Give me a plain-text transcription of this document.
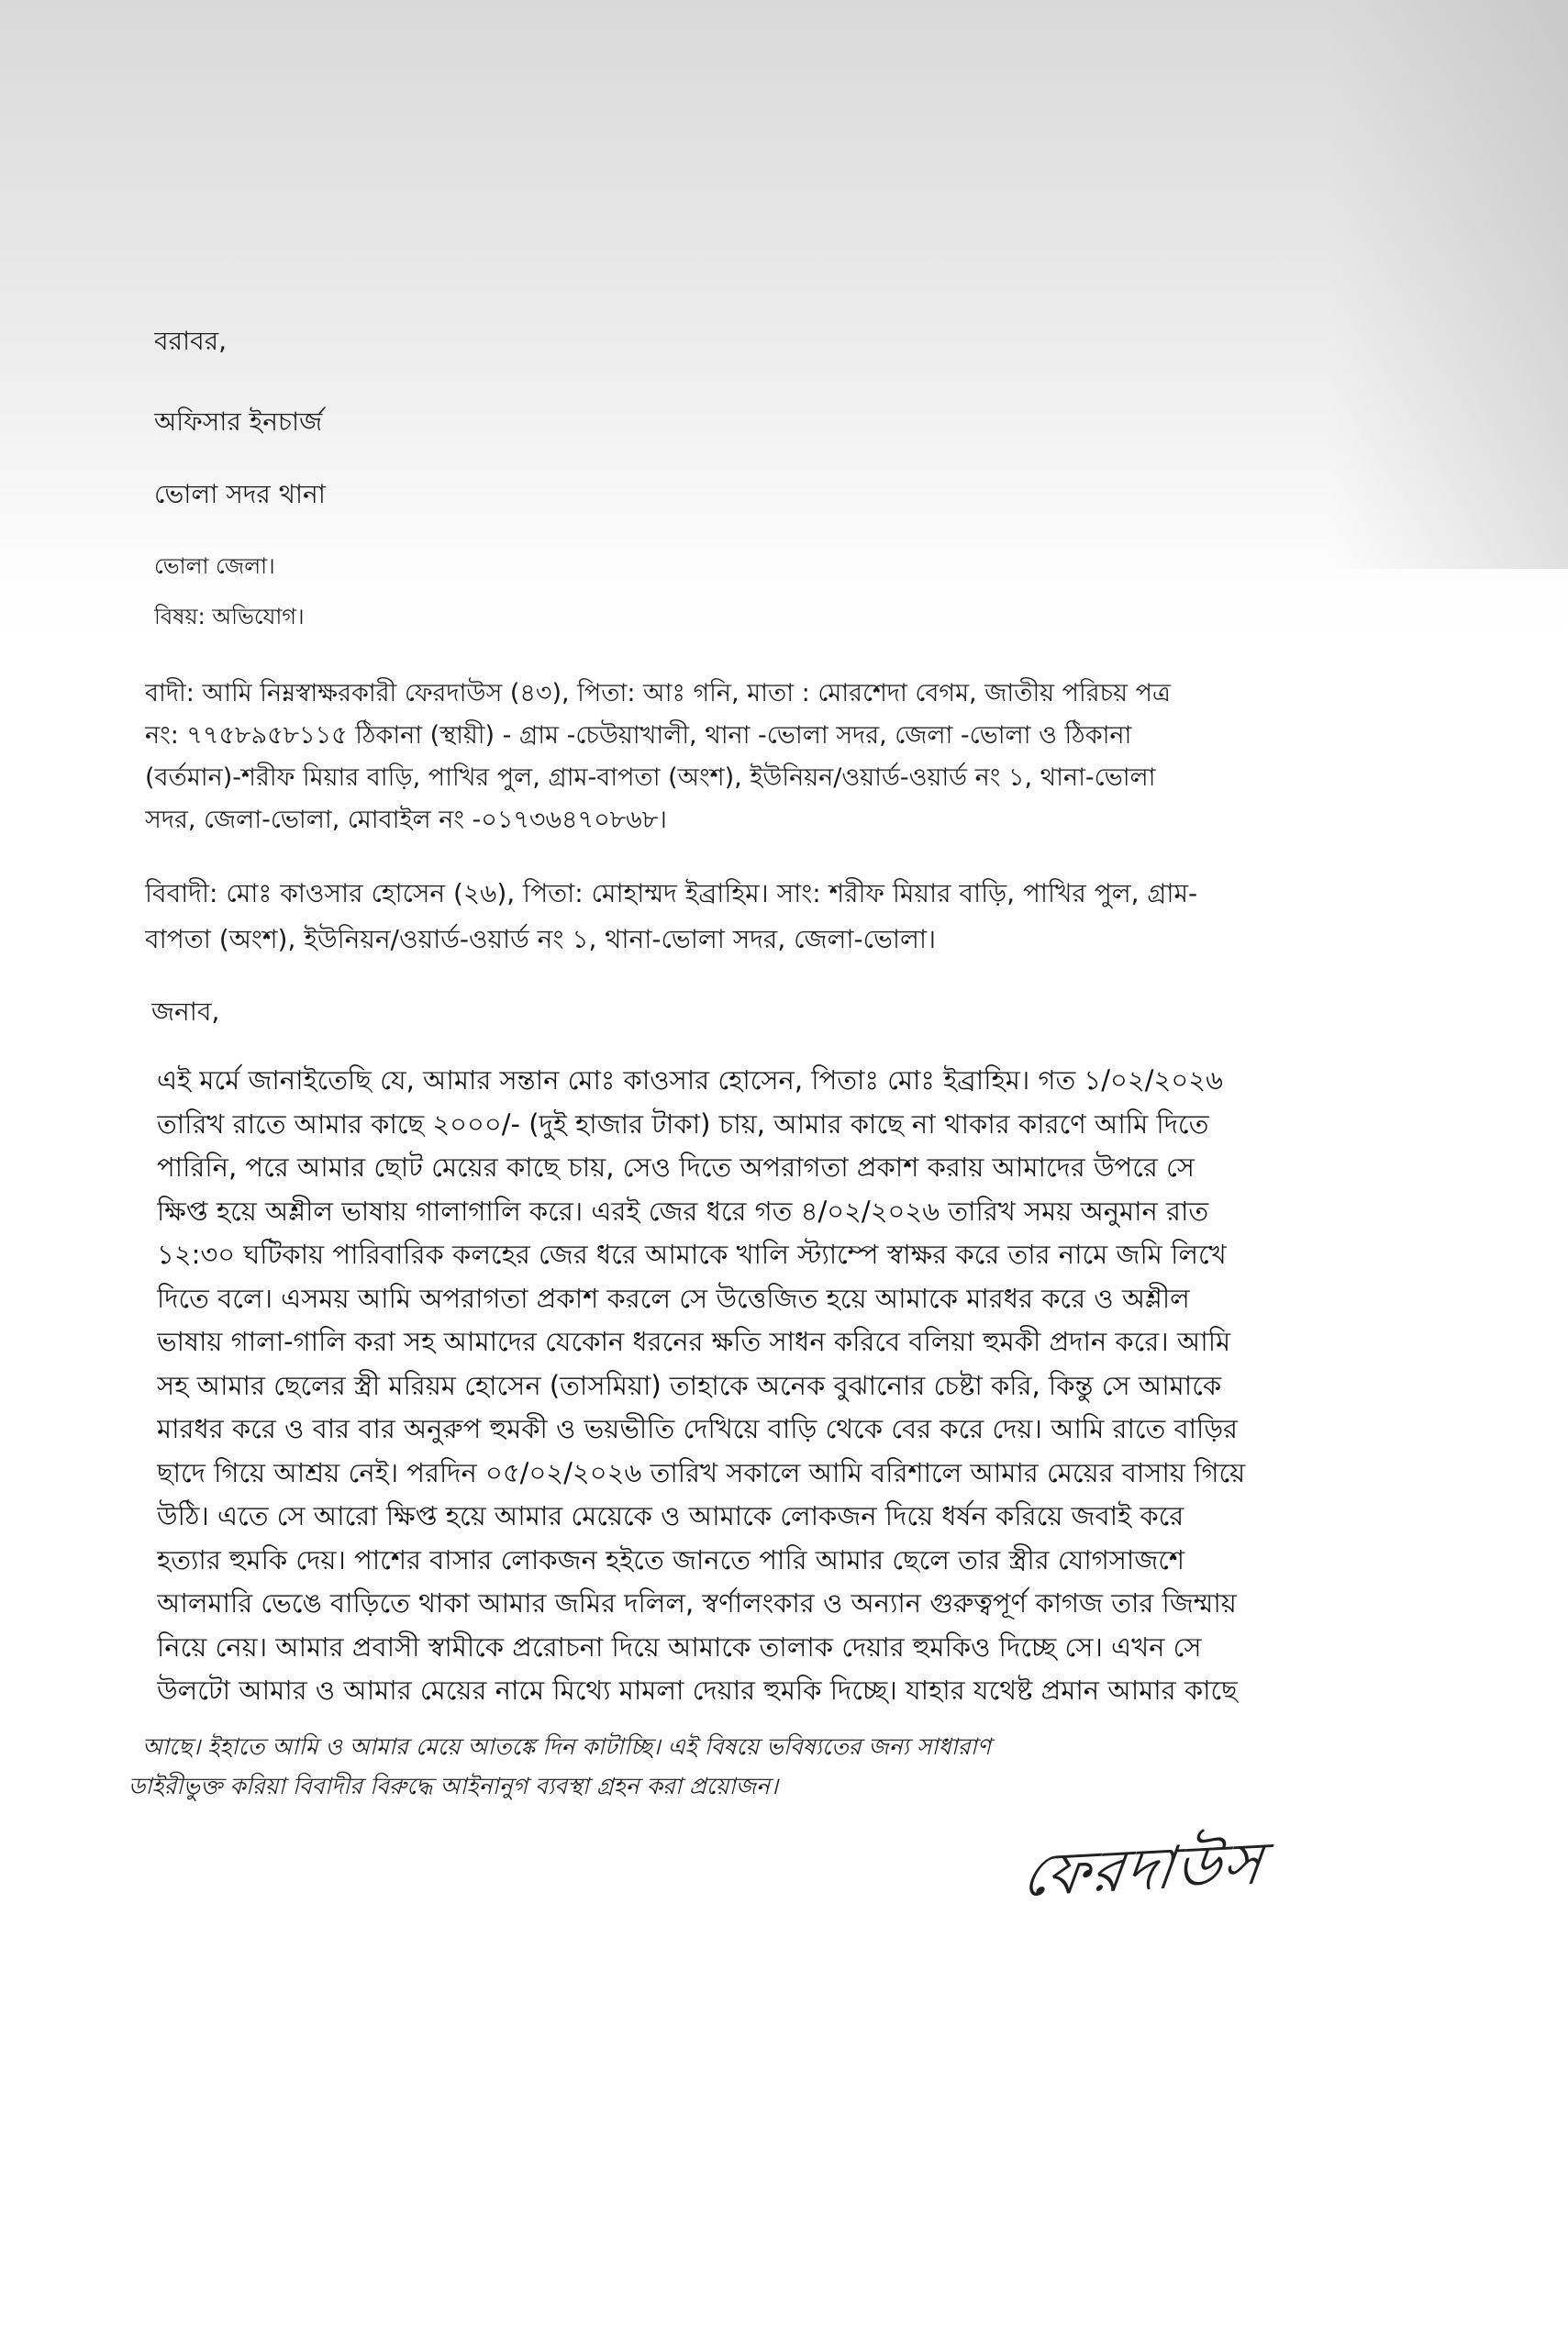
বরাবর,
অফিসার ইনচার্জ
ভোলা সদর থানা
ভোলা জেলা।
বিষয়: অভিযোগ।
বাদী: আমি নিম্নস্বাক্ষরকারী ফেরদাউস (৪৩), পিতা: আঃ গনি, মাতা : মোরশেদা বেগম, জাতীয় পরিচয় পত্র
নং: ৭৭৫৮৯৫৮১১৫ ঠিকানা (স্থায়ী) - গ্রাম -চেউয়াখালী, থানা -ভোলা সদর, জেলা -ভোলা ও ঠিকানা
(বর্তমান)-শরীফ মিয়ার বাড়ি, পাখির পুল, গ্রাম-বাপতা (অংশ), ইউনিয়ন/ওয়ার্ড-ওয়ার্ড নং ১, থানা-ভোলা
সদর, জেলা-ভোলা, মোবাইল নং -০১৭৩৬৪৭০৮৬৮।
বিবাদী: মোঃ কাওসার হোসেন (২৬), পিতা: মোহাম্মদ ইব্রাহিম। সাং: শরীফ মিয়ার বাড়ি, পাখির পুল, গ্রাম-
বাপতা (অংশ), ইউনিয়ন/ওয়ার্ড-ওয়ার্ড নং ১, থানা-ভোলা সদর, জেলা-ভোলা।
জনাব,
এই মর্মে জানাইতেছি যে, আমার সন্তান মোঃ কাওসার হোসেন, পিতাঃ মোঃ ইব্রাহিম। গত ১/০২/২০২৬
তারিখ রাতে আমার কাছে ২০০০/- (দুই হাজার টাকা) চায়, আমার কাছে না থাকার কারণে আমি দিতে
পারিনি, পরে আমার ছোট মেয়ের কাছে চায়, সেও দিতে অপরাগতা প্রকাশ করায় আমাদের উপরে সে
ক্ষিপ্ত হয়ে অশ্লীল ভাষায় গালাগালি করে। এরই জের ধরে গত ৪/০২/২০২৬ তারিখ সময় অনুমান রাত
১২:৩০ ঘটিকায় পারিবারিক কলহের জের ধরে আমাকে খালি স্ট্যাম্পে স্বাক্ষর করে তার নামে জমি লিখে
দিতে বলে। এসময় আমি অপরাগতা প্রকাশ করলে সে উত্তেজিত হয়ে আমাকে মারধর করে ও অশ্লীল
ভাষায় গালা-গালি করা সহ আমাদের যেকোন ধরনের ক্ষতি সাধন করিবে বলিয়া হুমকী প্রদান করে। আমি
সহ আমার ছেলের স্ত্রী মরিয়ম হোসেন (তাসমিয়া) তাহাকে অনেক বুঝানোর চেষ্টা করি, কিন্তু সে আমাকে
মারধর করে ও বার বার অনুরুপ হুমকী ও ভয়ভীতি দেখিয়ে বাড়ি থেকে বের করে দেয়। আমি রাতে বাড়ির
ছাদে গিয়ে আশ্রয় নেই। পরদিন ০৫/০২/২০২৬ তারিখ সকালে আমি বরিশালে আমার মেয়ের বাসায় গিয়ে
উঠি। এতে সে আরো ক্ষিপ্ত হয়ে আমার মেয়েকে ও আমাকে লোকজন দিয়ে ধর্ষন করিয়ে জবাই করে
হত্যার হুমকি দেয়। পাশের বাসার লোকজন হইতে জানতে পারি আমার ছেলে তার স্ত্রীর যোগসাজশে
আলমারি ভেঙে বাড়িতে থাকা আমার জমির দলিল, স্বর্ণালংকার ও অন্যান গুরুত্বপূর্ণ কাগজ তার জিম্মায়
নিয়ে নেয়। আমার প্রবাসী স্বামীকে প্ররোচনা দিয়ে আমাকে তালাক দেয়ার হুমকিও দিচ্ছে সে। এখন সে
উলটো আমার ও আমার মেয়ের নামে মিথ্যে মামলা দেয়ার হুমকি দিচ্ছে। যাহার যথেষ্ট প্রমান আমার কাছে
আছে। ইহাতে আমি ও আমার মেয়ে আতঙ্কে দিন কাটাচ্ছি। এই বিষয়ে ভবিষ্যতের জন্য সাধারাণ
ডাইরীভুক্ত করিয়া বিবাদীর বিরুদ্ধে আইনানুগ ব্যবস্থা গ্রহন করা প্রয়োজন।
ফেরদাউস
